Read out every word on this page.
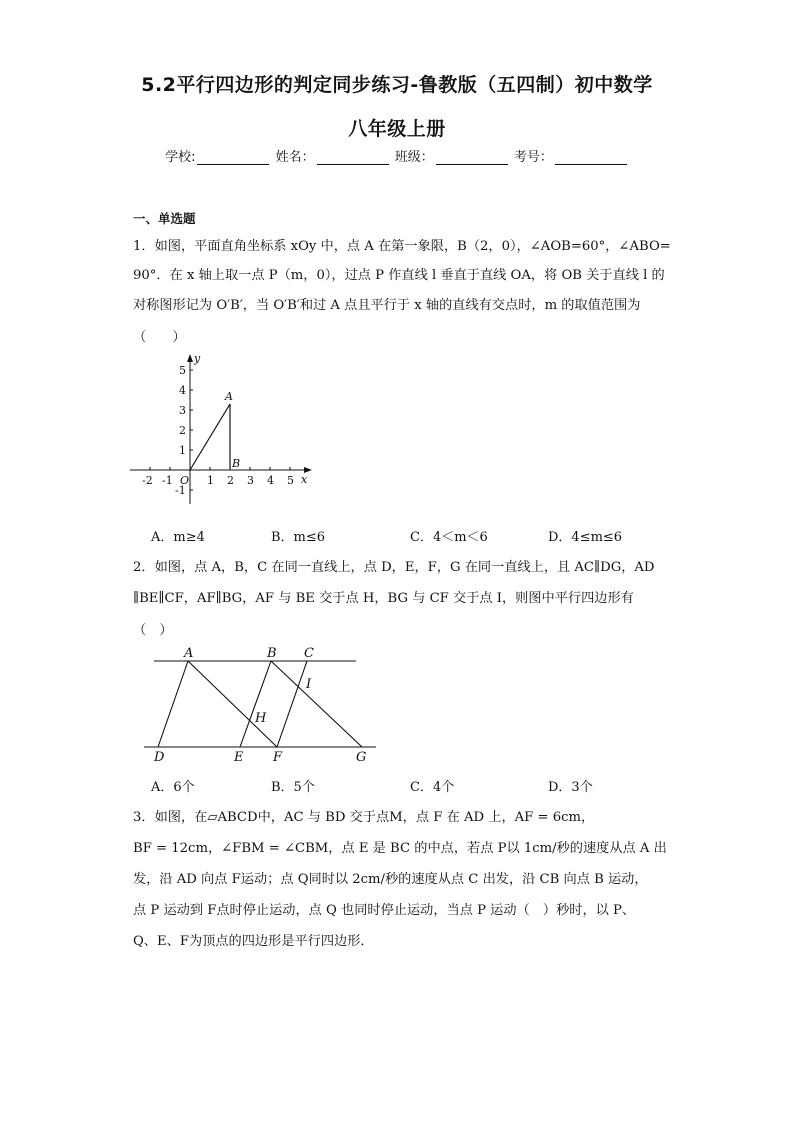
5.2平行四边形的判定同步练习-鲁教版（五四制）初中数学
八年级上册
学校:	姓名：	班级：	考号：
一、单选题
1．如图，平面直角坐标系 xOy 中，点 A 在第一象限，B（2，0），∠AOB=60°，∠ABO=
90°．在 x 轴上取一点 P（m，0），过点 P 作直线 l 垂直于直线 OA，将 OB 关于直线 l 的
对称图形记为 O′B′，当 O′B′和过 A 点且平行于 x 轴的直线有交点时，m 的取值范围为
（　　）
5
4
3
2
1
-1
-2 -1	1 2 3 4 5
O	x
y
A
B
A．m≥4	B．m≤6	C．4＜m＜6	D．4≤m≤6
2．如图，点 A，B，C 在同一直线上，点 D，E，F，G 在同一直线上，且 AC∥DG，AD
∥BE∥CF，AF∥BG，AF 与 BE 交于点 H，BG 与 CF 交于点 I，则图中平行四边形有
（　）
A	B C
D	E F	G
H
I
A．6个	B．5个	C．4个	D．3个
3．如图，在▱ABCD中，AC 与 BD 交于点M，点 F 在 AD 上，AF = 6cm，
BF = 12cm，∠FBM = ∠CBM，点 E 是 BC 的中点，若点 P以 1cm/秒的速度从点 A 出
发，沿 AD 向点 F运动；点 Q同时以 2cm/秒的速度从点 C 出发，沿 CB 向点 B 运动，
点 P 运动到 F点时停止运动，点 Q 也同时停止运动，当点 P 运动（　）秒时，以 P、
Q、E、F为顶点的四边形是平行四边形．
